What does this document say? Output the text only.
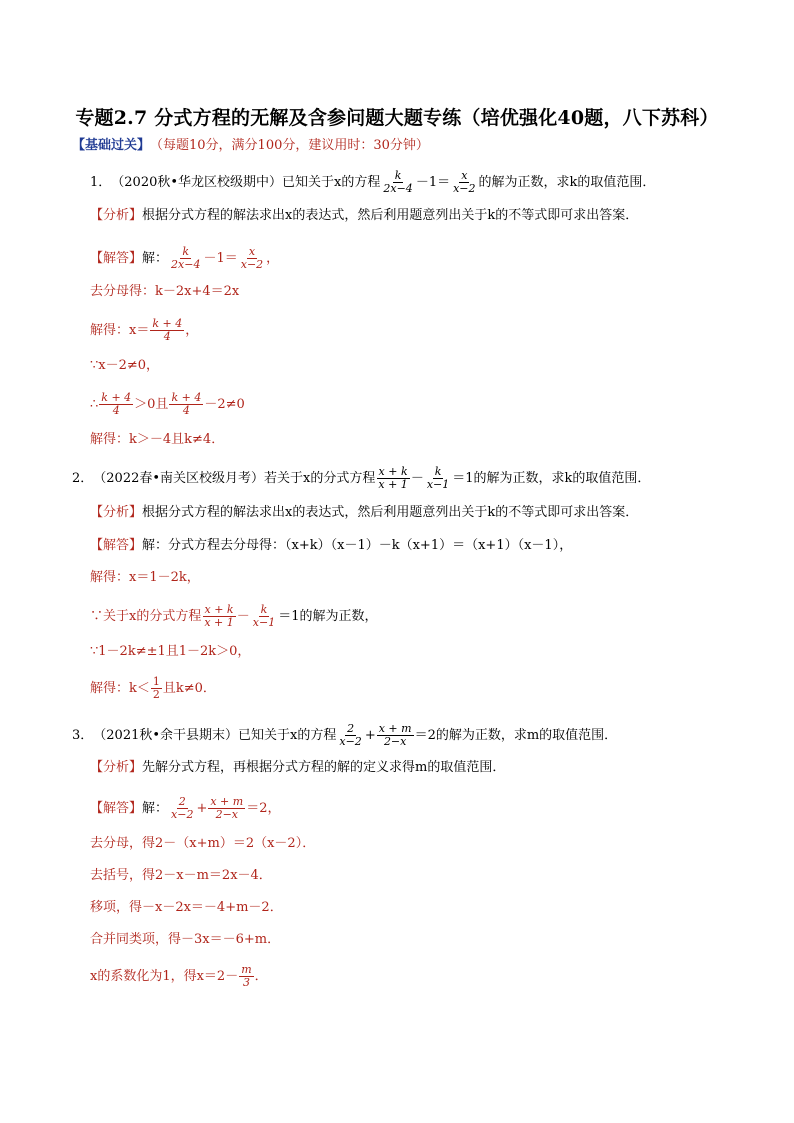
专题2.7 分式方程的无解及含参问题大题专练（培优强化40题，八下苏科）
【基础过关】 （每题10分，满分100分，建议用时：30分钟）
1． （2020秋•华龙区校级期中） 已知关于x的方程 $\frac{k}{2x-4} -1= \frac{x}{x-2}$ 的解为正数，求k的取值范围．
【分析】 根据分式方程的解法求出x的表达式，然后利用题意列出关于k的不等式即可求出答案．
【解答】 解： $\frac{k}{2x-4} -1= \frac{x}{x-2}$ ，
去分母得：k－2x+4＝2x
解得：$x= \frac{k + 4}{4}$ ，
∵x－2≠0，
∴ $\frac{k + 4}{4} >0$且 $\frac{k + 4}{4} -2\ne 0$
解得：k＞－4且k≠4．
2． （2022春•南关区校级月考） 若关于x的分式方程 $\frac{x + k}{x + 1} - \frac{k}{x-1} =1$的解为正数，求k的取值范围．
【分析】 根据分式方程的解法求出x的表达式，然后利用题意列出关于k的不等式即可求出答案．
【解答】 解：分式方程去分母得：（x+k）（x－1）－k（x+1）＝（x+1）（x－1），
解得：x＝1－2k，
∵关于x的分式方程 $\frac{x + k}{x + 1} - \frac{k}{x-1} =1$的解为正数，
∵1－2k≠±1且1－2k＞0，
解得：$k< \frac{1}{2}$ 且k≠0．
3． （2021秋•余干县期末） 已知关于x的方程 $\frac{2}{x-2} + \frac{x + m}{2-x} =2$的解为正数，求m的取值范围．
【分析】 先解分式方程，再根据分式方程的解的定义求得m的取值范围．
【解答】 解： $\frac{2}{x-2} + \frac{x + m}{2-x} =2$，
去分母，得2－（x+m）＝2（x－2）．
去括号，得2－x－m＝2x－4．
移项，得－x－2x＝－4+m－2．
合并同类项，得－3x＝－6+m．
x的系数化为1，得$x=2- \frac{m}{3}$ ．
